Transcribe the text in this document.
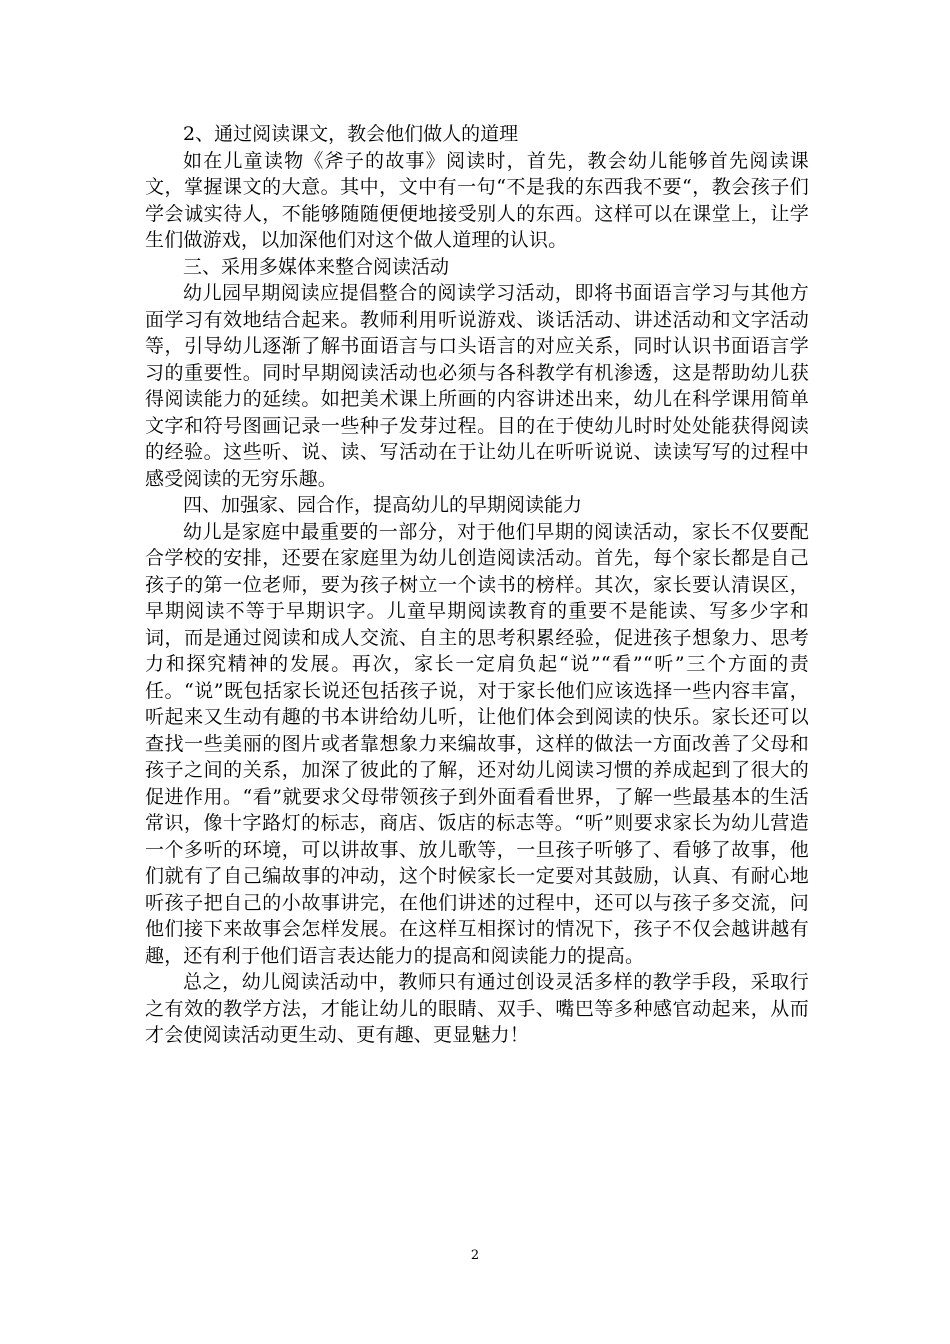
2、通过阅读课文，教会他们做人的道理

如在儿童读物《斧子的故事》阅读时，首先，教会幼儿能够首先阅读课文，掌握课文的大意。其中，文中有一句“不是我的东西我不要“，教会孩子们学会诚实待人，不能够随随便便地接受别人的东西。这样可以在课堂上，让学生们做游戏，以加深他们对这个做人道理的认识。

三、采用多媒体来整合阅读活动

幼儿园早期阅读应提倡整合的阅读学习活动，即将书面语言学习与其他方面学习有效地结合起来。教师利用听说游戏、谈话活动、讲述活动和文字活动等，引导幼儿逐渐了解书面语言与口头语言的对应关系，同时认识书面语言学习的重要性。同时早期阅读活动也必须与各科教学有机渗透，这是帮助幼儿获得阅读能力的延续。如把美术课上所画的内容讲述出来，幼儿在科学课用简单文字和符号图画记录一些种子发芽过程。目的在于使幼儿时时处处能获得阅读的经验。这些听、说、读、写活动在于让幼儿在听听说说、读读写写的过程中感受阅读的无穷乐趣。

四、加强家、园合作，提高幼儿的早期阅读能力

幼儿是家庭中最重要的一部分，对于他们早期的阅读活动，家长不仅要配合学校的安排，还要在家庭里为幼儿创造阅读活动。首先，每个家长都是自己孩子的第一位老师，要为孩子树立一个读书的榜样。其次，家长要认清误区，早期阅读不等于早期识字。儿童早期阅读教育的重要不是能读、写多少字和词，而是通过阅读和成人交流、自主的思考积累经验，促进孩子想象力、思考力和探究精神的发展。再次，家长一定肩负起“说”“看”“听”三个方面的责任。“说”既包括家长说还包括孩子说，对于家长他们应该选择一些内容丰富，听起来又生动有趣的书本讲给幼儿听，让他们体会到阅读的快乐。家长还可以查找一些美丽的图片或者靠想象力来编故事，这样的做法一方面改善了父母和孩子之间的关系，加深了彼此的了解，还对幼儿阅读习惯的养成起到了很大的促进作用。“看”就要求父母带领孩子到外面看看世界，了解一些最基本的生活常识，像十字路灯的标志，商店、饭店的标志等。“听”则要求家长为幼儿营造一个多听的环境，可以讲故事、放儿歌等，一旦孩子听够了、看够了故事，他们就有了自己编故事的冲动，这个时候家长一定要对其鼓励，认真、有耐心地听孩子把自己的小故事讲完，在他们讲述的过程中，还可以与孩子多交流，问他们接下来故事会怎样发展。在这样互相探讨的情况下，孩子不仅会越讲越有趣，还有利于他们语言表达能力的提高和阅读能力的提高。

总之，幼儿阅读活动中，教师只有通过创设灵活多样的教学手段，采取行之有效的教学方法，才能让幼儿的眼睛、双手、嘴巴等多种感官动起来，从而才会使阅读活动更生动、更有趣、更显魅力！

2
